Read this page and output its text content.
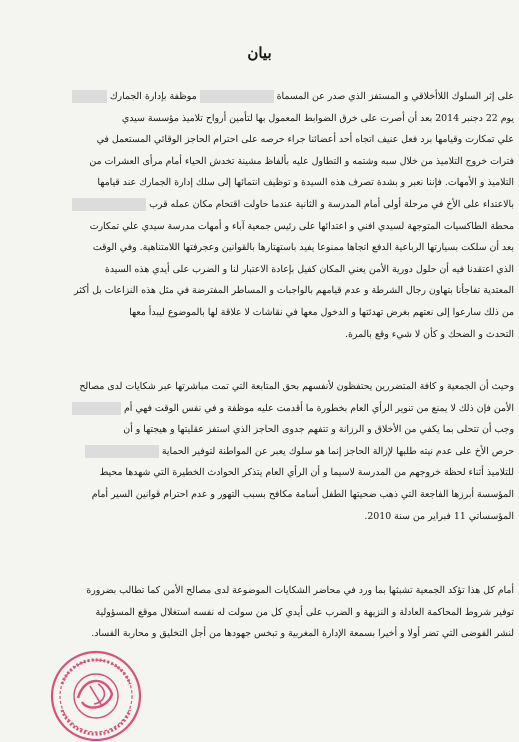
بيان
على إثر السلوك اللاأخلاقي و المستفز الذي صدر عن المسماةموظفة بإدارة الجمارك
يوم 22 دجنبر 2014 بعد أن أصرت على خرق الضوابط المعمول بها لتأمين أرواح تلاميذ مؤسسة سيدي
علي تمكارت وقيامها برد فعل عنيف اتجاه أحد أعضائنا جراء حرصه على احترام الحاجز الوقائي المستعمل في
فترات خروج التلاميذ من خلال سبه وشتمه و التطاول عليه بألفاظ مشينة تخدش الحياء أمام مرأى العشرات من
التلاميذ و الأمهات. فإننا نعبر و بشدة تصرف هذه السيدة و توظيف انتمائها إلى سلك إدارة الجمارك عند قيامها
بالاعتداء على الأخ في مرحلة أولى أمام المدرسة و الثانية عندما حاولت اقتحام مكان عمله قرب
محطة الطاكسيات المتوجهة لسيدي افني و اعتدائها على رئيس جمعية آباء و أمهات مدرسة سيدي علي تمكارت
بعد أن سلكت بسيارتها الرباعية الدفع اتجاها ممنوعا يفيد باستهتارها بالقوانين وعجرفتها اللامتناهية. وفي الوقت
الذي اعتقدنا فيه أن حلول دورية الأمن يعني المكان كفيل بإعادة الاعتبار لنا و الضرب على أيدي هذه السيدة
المعتدية تفاجأنا بتهاون رجال الشرطة و عدم قيامهم بالواجبات و المساطر المفترضة في مثل هذه النزاعات بل أكثر
من ذلك سارعوا إلى نعتهم بغرض تهدئتها و الدخول معها في نقاشات لا علاقة لها بالموضوع ليبدأ معها
التحدث و الضحك و كأن لا شيء وقع بالمرة.
وحيث أن الجمعية و كافة المتضررين يحتفظون لأنفسهم بحق المتابعة التي تمت مباشرتها عبر شكايات لدى مصالح
الأمن فإن ذلك لا يمنع من تنوير الرأي العام بخطورة ما أقدمت عليه موظفة و في نفس الوقت فهي أم
وجب أن تتحلى بما يكفي من الأخلاق و الرزانة و تتفهم جدوى الحاجز الذي استفز عقليتها و هيجتها و أن
حرص الأخ على عدم نيته طلبها لإزالة الحاجز إنما هو سلوك يعبر عن المواطنة لتوفير الحماية
للتلاميذ أثناء لحظة خروجهم من المدرسة لاسيما و أن الرأي العام يتذكر الحوادث الخطيرة التي شهدها محيط
المؤسسة أبرزها الفاجعة التي ذهب ضحيتها الطفل أسامة مكافح بسبب التهور و عدم احترام قوانين السير أمام
المؤسساتي 11 فبراير من سنة 2010.
أمام كل هذا تؤكد الجمعية تشبثها بما ورد في محاضر الشكايات الموضوعة لدى مصالح الأمن كما تطالب بضرورة
توفير شروط المحاكمة العادلة و النزيهة و الضرب على أيدي كل من سولت له نفسه استغلال موقع المسؤولية
لنشر الفوضى التي تضر أولا و أخيرا بسمعة الإدارة المغربية و تبخس جهودها من أجل التخليق و محاربة الفساد.
